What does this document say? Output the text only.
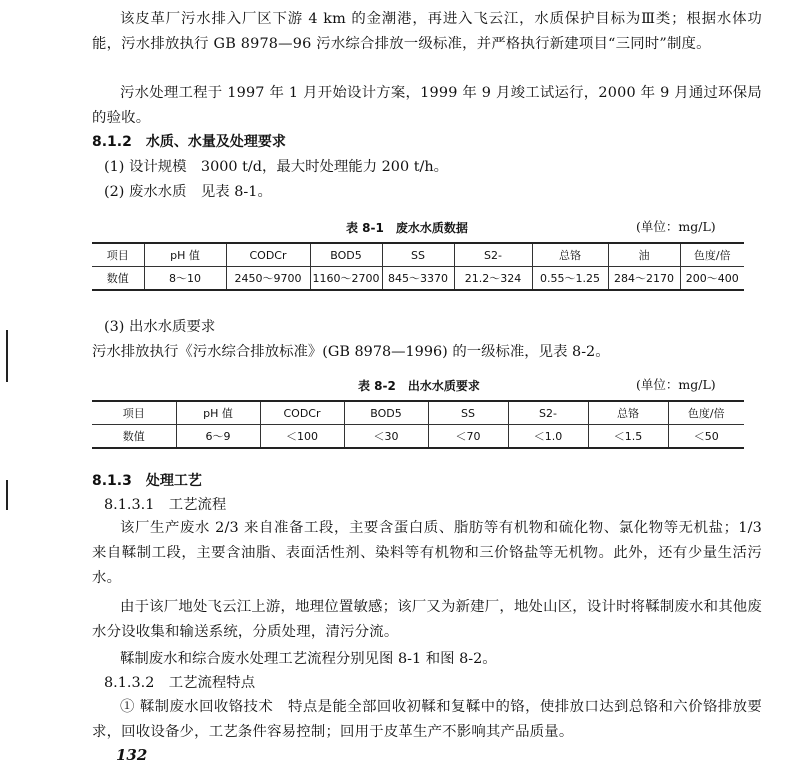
该皮革厂污水排入厂区下游 4 km 的金潮港，再进入飞云江，水质保护目标为Ⅲ类；根据水体功能，污水排放执行 GB 8978—96 污水综合排放一级标准，并严格执行新建项目“三同时”制度。

污水处理工程于 1997 年 1 月开始设计方案，1999 年 9 月竣工试运行，2000 年 9 月通过环保局的验收。

8.1.2　水质、水量及处理要求
(1) 设计规模　3000 t/d，最大时处理能力 200 t/h。
(2) 废水水质　见表 8-1。
表 8-1　废水水质数据	(单位：mg/L)
项目	pH 值	CODCr	BOD5	SS	S2-	总铬	油	色度/倍
数值	8～10	2450～9700	1160～2700	845～3370	21.2～324	0.55～1.25	284～2170	200～400
(3) 出水水质要求
污水排放执行《污水综合排放标准》(GB 8978—1996) 的一级标准，见表 8-2。
表 8-2　出水水质要求	(单位：mg/L)
项目	pH 值	CODCr	BOD5	SS	S2-	总铬	色度/倍
数值	6～9	＜100	＜30	＜70	＜1.0	＜1.5	＜50
8.1.3　处理工艺
8.1.3.1　工艺流程

该厂生产废水 2/3 来自准备工段，主要含蛋白质、脂肪等有机物和硫化物、氯化物等无机盐；1/3 来自鞣制工段，主要含油脂、表面活性剂、染料等有机物和三价铬盐等无机物。此外，还有少量生活污水。

由于该厂地处飞云江上游，地理位置敏感；该厂又为新建厂，地处山区，设计时将鞣制废水和其他废水分设收集和输送系统，分质处理，清污分流。

鞣制废水和综合废水处理工艺流程分别见图 8-1 和图 8-2。
8.1.3.2　工艺流程特点

① 鞣制废水回收铬技术　特点是能全部回收初鞣和复鞣中的铬，使排放口达到总铬和六价铬排放要求，回收设备少，工艺条件容易控制；回用于皮革生产不影响其产品质量。

132
